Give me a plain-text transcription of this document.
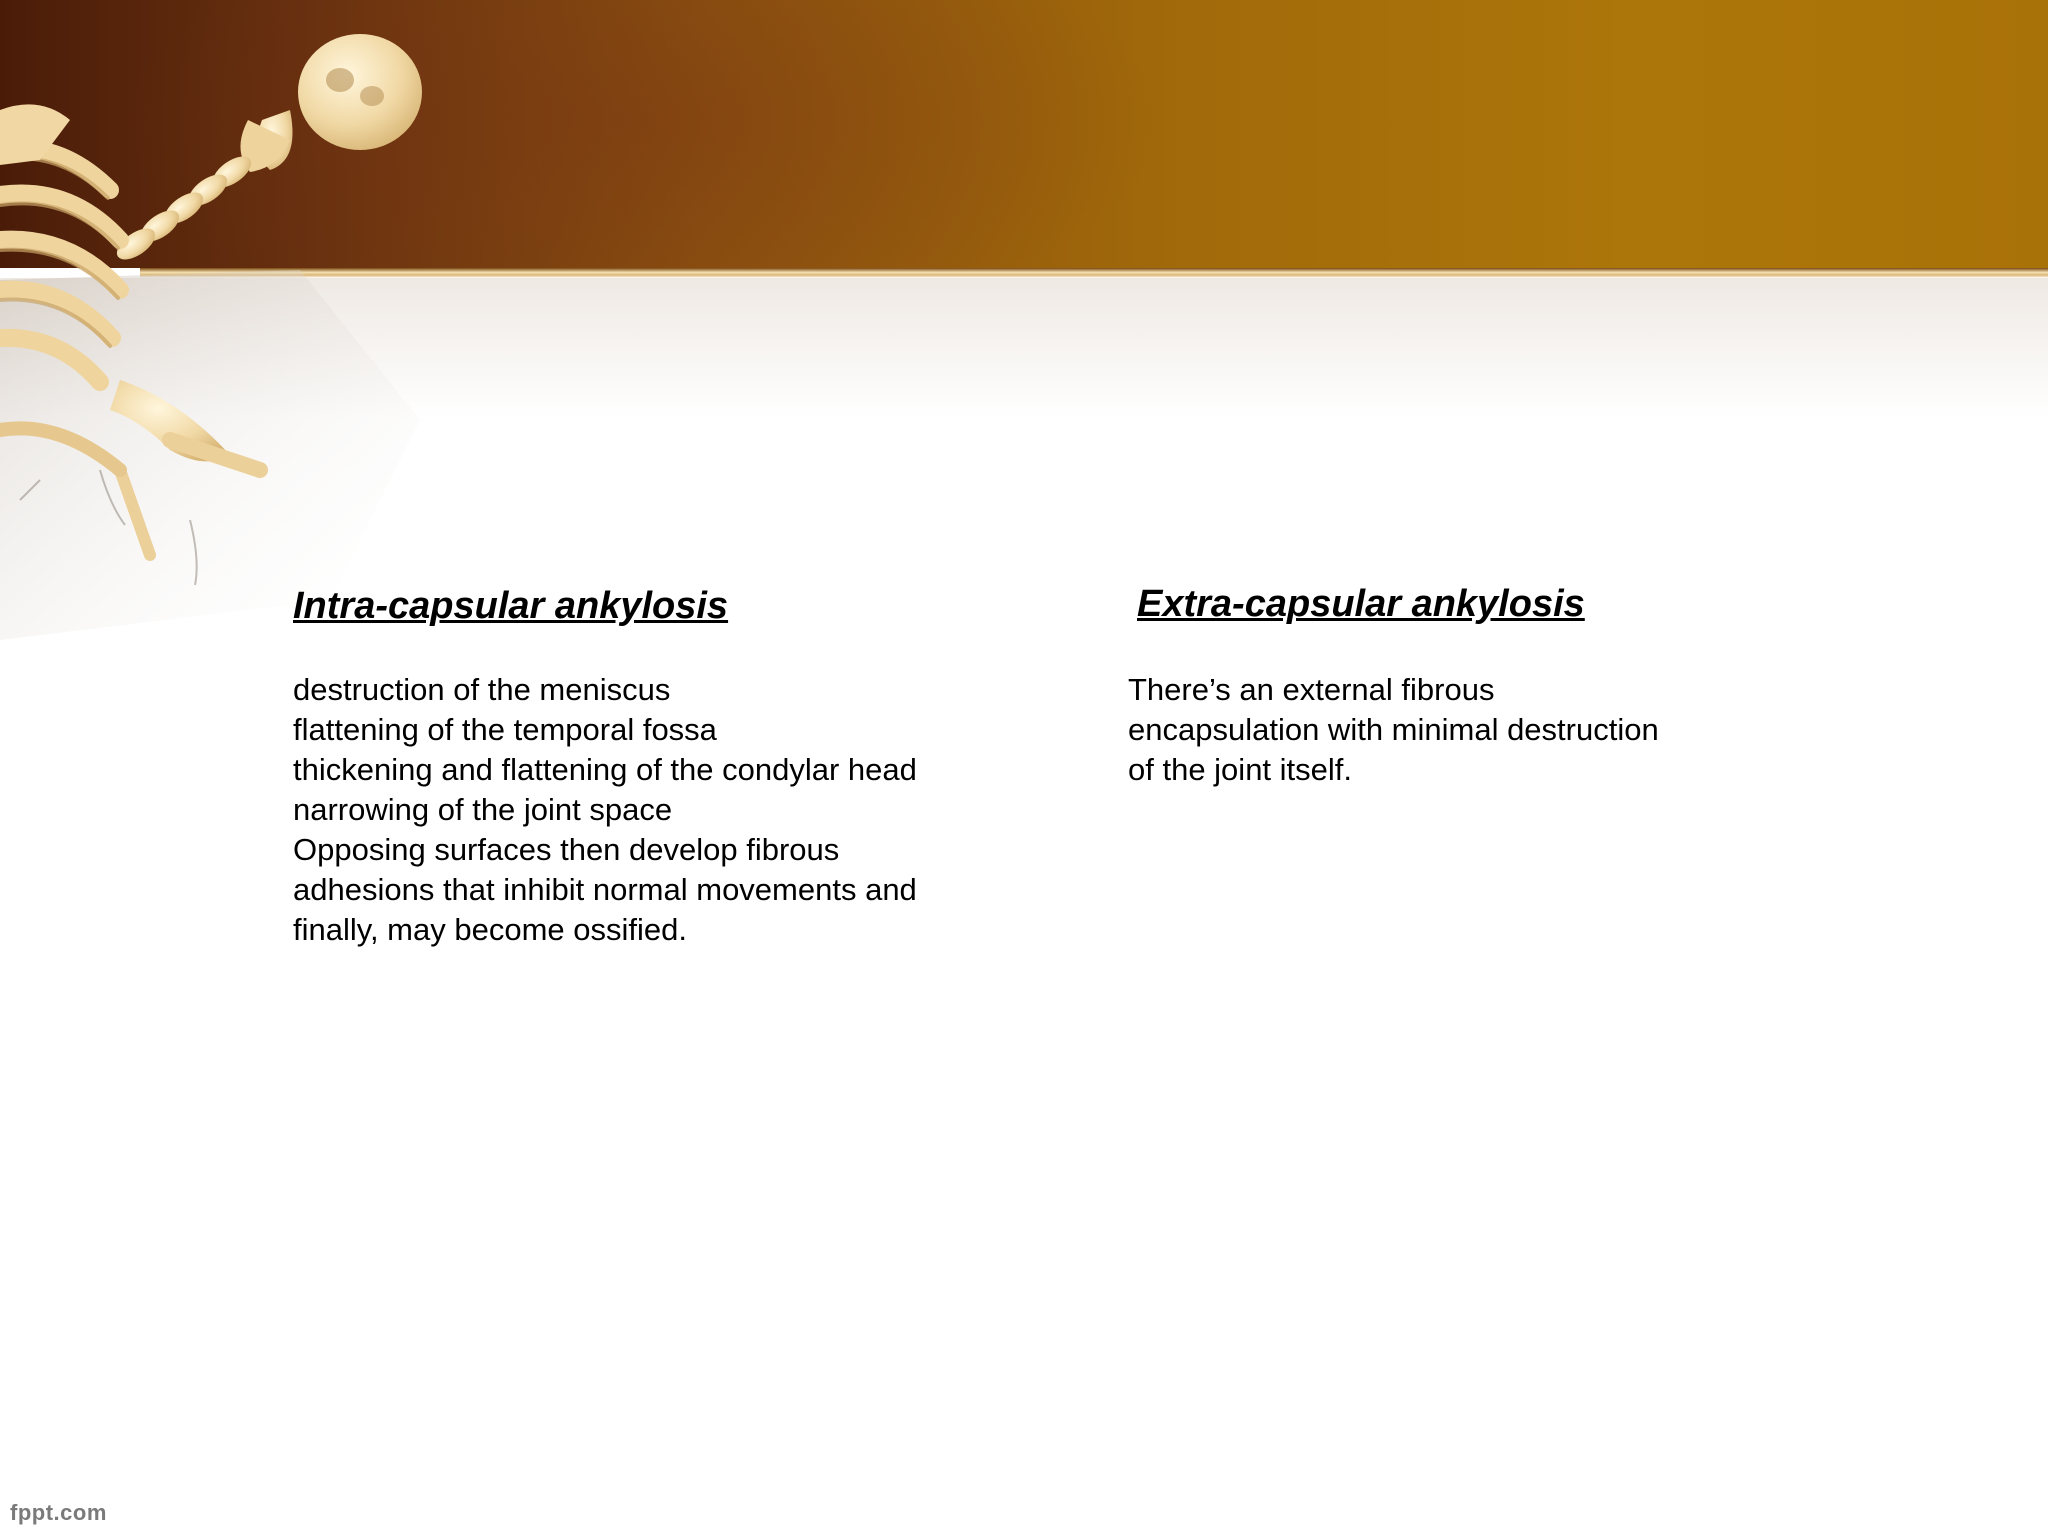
Intra-capsular ankylosis
destruction of the meniscus
flattening of the temporal fossa
thickening and flattening of the condylar head
narrowing of the joint space
Opposing surfaces then develop fibrous
adhesions that inhibit normal movements and
finally, may become ossified.
Extra-capsular ankylosis
There’s an external fibrous
encapsulation with minimal destruction
of the joint itself.
fppt.com
